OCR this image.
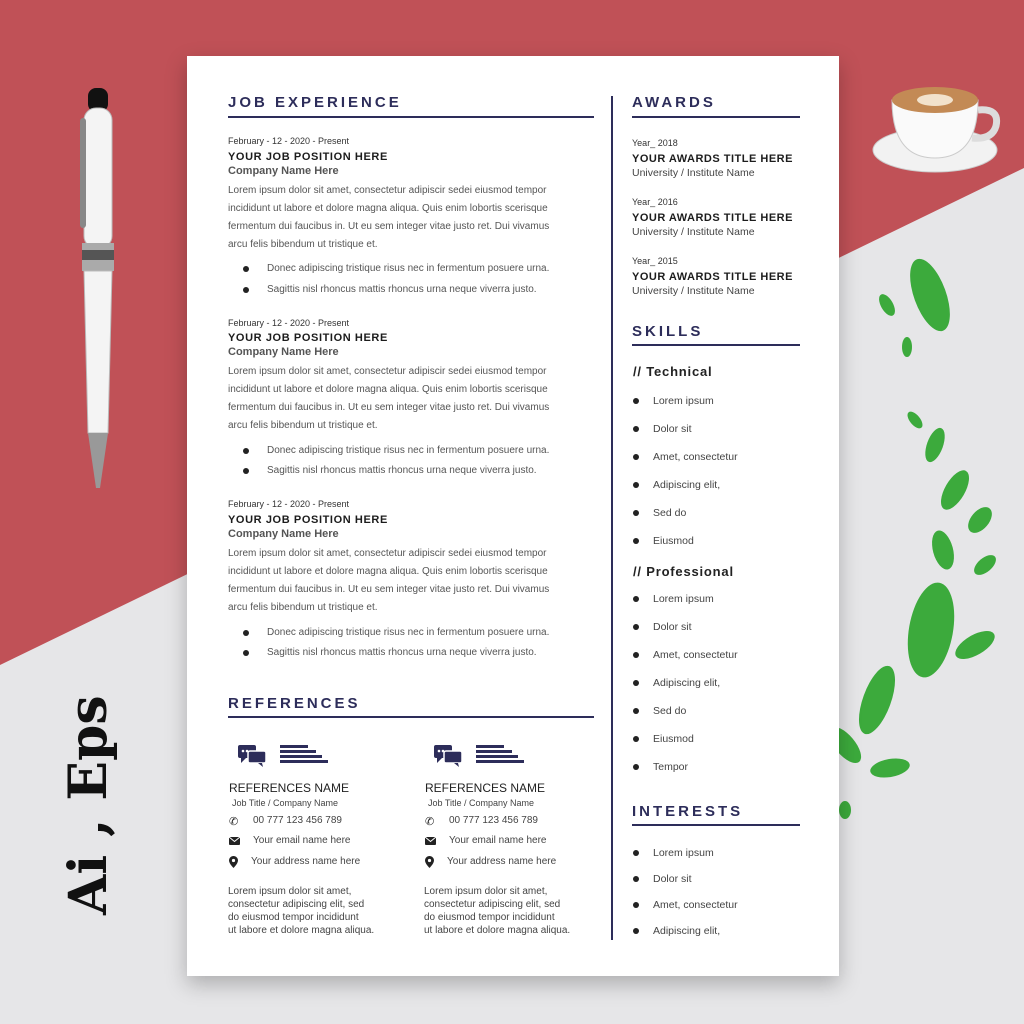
Ai , Eps
JOB EXPERIENCE
February - 12 - 2020 - Present
YOUR JOB POSITION HERE
Company Name Here
Lorem ipsum dolor sit amet, consectetur adipiscir sedei eiusmod tempor
incididunt ut labore et dolore magna aliqua. Quis enim lobortis scerisque
fermentum dui faucibus in. Ut eu sem integer vitae justo ret. Dui vivamus
arcu felis bibendum ut tristique et.
Donec adipiscing tristique risus nec in fermentum posuere urna.
Sagittis nisl rhoncus mattis rhoncus urna neque viverra justo.
February - 12 - 2020 - Present
YOUR JOB POSITION HERE
Company Name Here
Lorem ipsum dolor sit amet, consectetur adipiscir sedei eiusmod tempor
incididunt ut labore et dolore magna aliqua. Quis enim lobortis scerisque
fermentum dui faucibus in. Ut eu sem integer vitae justo ret. Dui vivamus
arcu felis bibendum ut tristique et.
Donec adipiscing tristique risus nec in fermentum posuere urna.
Sagittis nisl rhoncus mattis rhoncus urna neque viverra justo.
February - 12 - 2020 - Present
YOUR JOB POSITION HERE
Company Name Here
Lorem ipsum dolor sit amet, consectetur adipiscir sedei eiusmod tempor
incididunt ut labore et dolore magna aliqua. Quis enim lobortis scerisque
fermentum dui faucibus in. Ut eu sem integer vitae justo ret. Dui vivamus
arcu felis bibendum ut tristique et.
Donec adipiscing tristique risus nec in fermentum posuere urna.
Sagittis nisl rhoncus mattis rhoncus urna neque viverra justo.
REFERENCES
REFERENCES NAME
Job Title / Company Name
✆ 00 777 123 456 789
Your email name here
Your address name here
Lorem ipsum dolor sit amet,
consectetur adipiscing elit, sed
do eiusmod tempor incididunt
ut labore et dolore magna aliqua.
REFERENCES NAME
Job Title / Company Name
✆ 00 777 123 456 789
Your email name here
Your address name here
Lorem ipsum dolor sit amet,
consectetur adipiscing elit, sed
do eiusmod tempor incididunt
ut labore et dolore magna aliqua.
AWARDS
Year_ 2018
YOUR AWARDS TITLE HERE
University / Institute Name
Year_ 2016
YOUR AWARDS TITLE HERE
University / Institute Name
Year_ 2015
YOUR AWARDS TITLE HERE
University / Institute Name
SKILLS
// Technical
Lorem ipsum
Dolor sit
Amet, consectetur
Adipiscing elit,
Sed do
Eiusmod
// Professional
Lorem ipsum
Dolor sit
Amet, consectetur
Adipiscing elit,
Sed do
Eiusmod
Tempor
INTERESTS
Lorem ipsum
Dolor sit
Amet, consectetur
Adipiscing elit,
